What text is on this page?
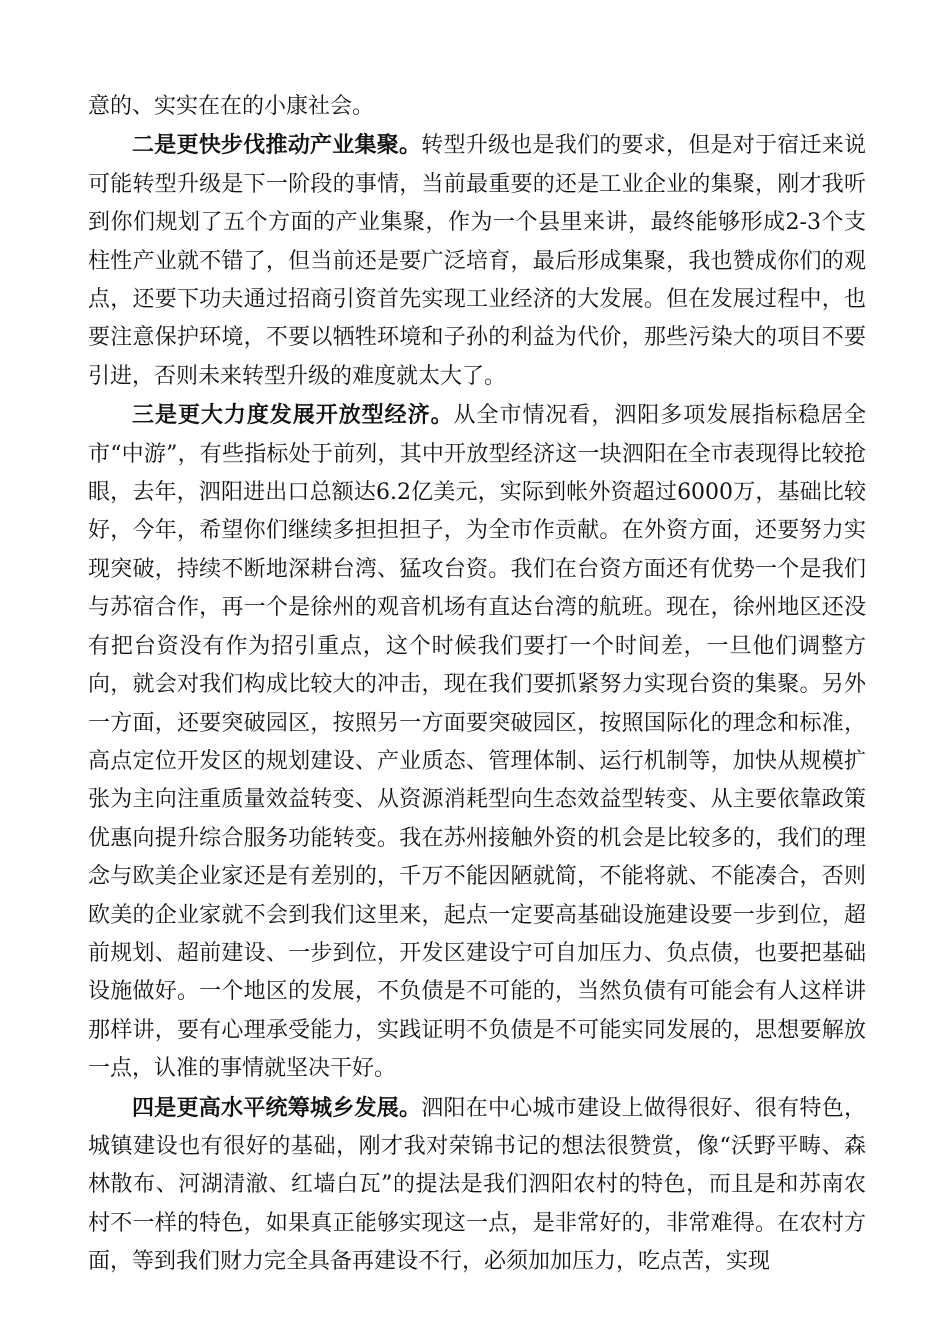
意的、实实在在的小康社会。

二是更快步伐推动产业集聚。转型升级也是我们的要求，但是对于宿迁来说可能转型升级是下一阶段的事情，当前最重要的还是工业企业的集聚，刚才我听到你们规划了五个方面的产业集聚，作为一个县里来讲，最终能够形成2-3个支柱性产业就不错了，但当前还是要广泛培育，最后形成集聚，我也赞成你们的观点，还要下功夫通过招商引资首先实现工业经济的大发展。但在发展过程中，也要注意保护环境，不要以牺牲环境和子孙的利益为代价，那些污染大的项目不要引进，否则未来转型升级的难度就太大了。

三是更大力度发展开放型经济。从全市情况看，泗阳多项发展指标稳居全市“中游”，有些指标处于前列，其中开放型经济这一块泗阳在全市表现得比较抢眼，去年，泗阳进出口总额达6.2亿美元，实际到帐外资超过6000万，基础比较好，今年，希望你们继续多担担担子，为全市作贡献。在外资方面，还要努力实现突破，持续不断地深耕台湾、猛攻台资。我们在台资方面还有优势一个是我们与苏宿合作，再一个是徐州的观音机场有直达台湾的航班。现在，徐州地区还没有把台资没有作为招引重点，这个时候我们要打一个时间差，一旦他们调整方向，就会对我们构成比较大的冲击，现在我们要抓紧努力实现台资的集聚。另外一方面，还要突破园区，按照另一方面要突破园区，按照国际化的理念和标准，高点定位开发区的规划建设、产业质态、管理体制、运行机制等，加快从规模扩张为主向注重质量效益转变、从资源消耗型向生态效益型转变、从主要依靠政策优惠向提升综合服务功能转变。我在苏州接触外资的机会是比较多的，我们的理念与欧美企业家还是有差别的，千万不能因陋就简，不能将就、不能凑合，否则欧美的企业家就不会到我们这里来，起点一定要高基础设施建设要一步到位，超前规划、超前建设、一步到位，开发区建设宁可自加压力、负点债，也要把基础设施做好。一个地区的发展，不负债是不可能的，当然负债有可能会有人这样讲那样讲，要有心理承受能力，实践证明不负债是不可能实同发展的，思想要解放一点，认准的事情就坚决干好。

四是更高水平统筹城乡发展。泗阳在中心城市建设上做得很好、很有特色，城镇建设也有很好的基础，刚才我对荣锦书记的想法很赞赏，像“沃野平畴、森林散布、河湖清澈、红墙白瓦”的提法是我们泗阳农村的特色，而且是和苏南农村不一样的特色，如果真正能够实现这一点，是非常好的，非常难得。在农村方面，等到我们财力完全具备再建设不行，必须加加压力，吃点苦，实现
